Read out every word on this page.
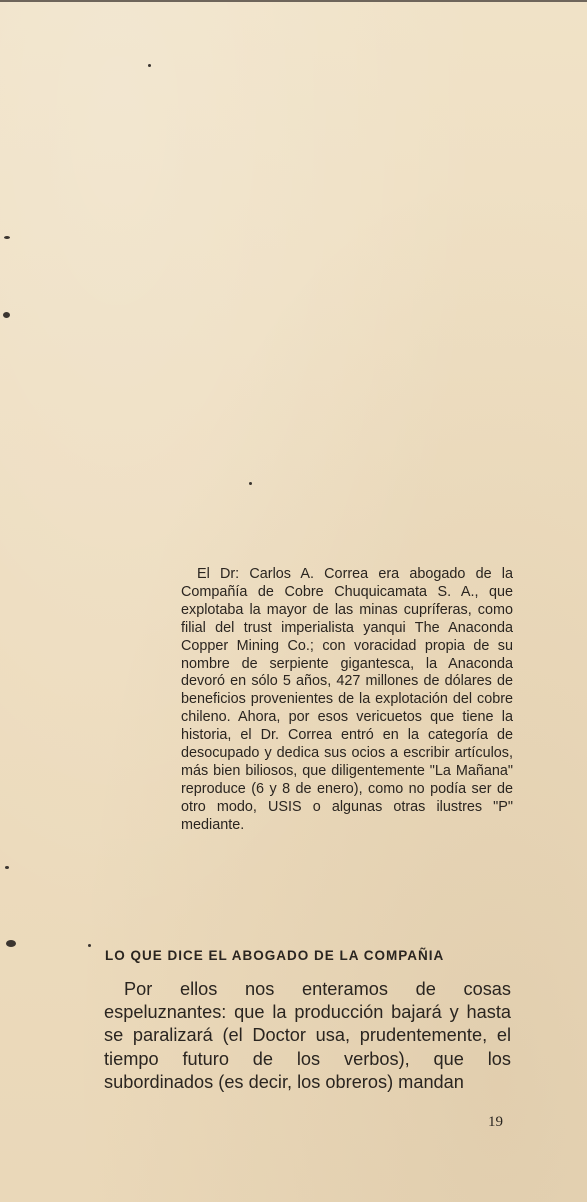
El Dr: Carlos A. Correa era abogado de la Compañía de Cobre Chuquicamata S. A., que explotaba la mayor de las minas cupríferas, como filial del trust imperialista yanqui The Anaconda Copper Mining Co.; con voracidad propia de su nombre de serpiente gigantesca, la Anaconda devoró en sólo 5 años, 427 millones de dólares de beneficios provenientes de la explotación del cobre chileno. Ahora, por esos vericuetos que tiene la historia, el Dr. Correa entró en la categoría de desocupado y dedica sus ocios a escribir artículos, más bien biliosos, que diligentemente "La Mañana" reproduce (6 y 8 de enero), como no podía ser de otro modo, USIS o algunas otras ilustres "P" mediante.

LO QUE DICE EL ABOGADO DE LA COMPAÑIA

Por ellos nos enteramos de cosas espeluznantes: que la producción bajará y hasta se paralizará (el Doctor usa, prudentemente, el tiempo futuro de los verbos), que los subordinados (es decir, los obreros) mandan

19
